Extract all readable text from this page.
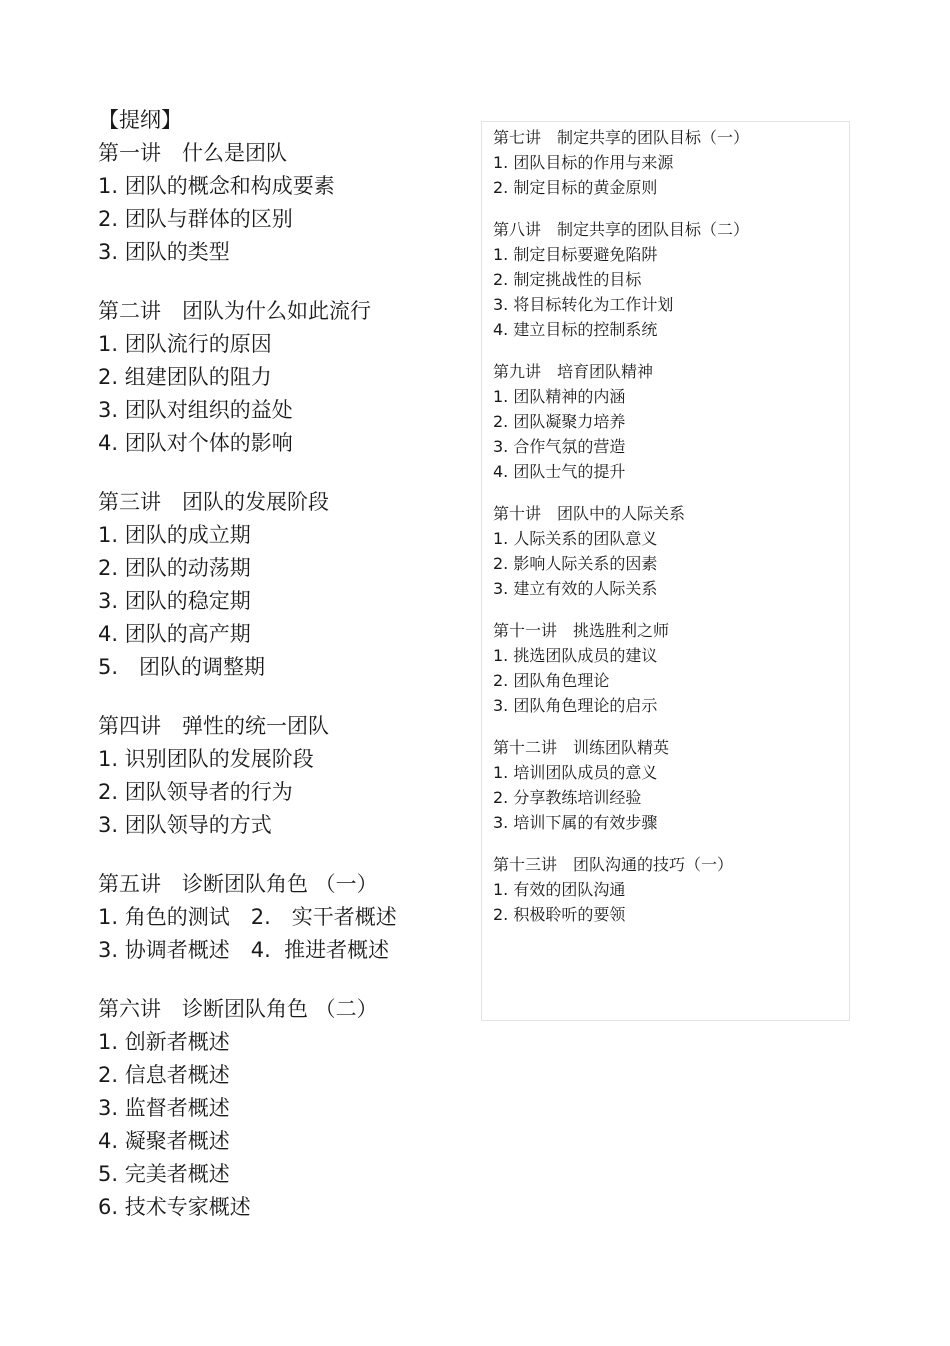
【提纲】
第一讲　什么是团队
1. 团队的概念和构成要素
2. 团队与群体的区别
3. 团队的类型
第二讲　团队为什么如此流行
1. 团队流行的原因
2. 组建团队的阻力
3. 团队对组织的益处
4. 团队对个体的影响
第三讲　团队的发展阶段
1. 团队的成立期
2. 团队的动荡期
3. 团队的稳定期
4. 团队的高产期
5.　团队的调整期
第四讲　弹性的统一团队
1. 识别团队的发展阶段
2. 团队领导者的行为
3. 团队领导的方式
第五讲　诊断团队角色 （一）
1. 角色的测试　2.　实干者概述
3. 协调者概述　4.  推进者概述
第六讲　诊断团队角色 （二）
1. 创新者概述
2. 信息者概述
3. 监督者概述
4. 凝聚者概述
5. 完美者概述
6. 技术专家概述
第七讲　制定共享的团队目标（一）
1. 团队目标的作用与来源
2. 制定目标的黄金原则
第八讲　制定共享的团队目标（二）
1. 制定目标要避免陷阱
2. 制定挑战性的目标
3. 将目标转化为工作计划
4. 建立目标的控制系统
第九讲　培育团队精神
1. 团队精神的内涵
2. 团队凝聚力培养
3. 合作气氛的营造
4. 团队士气的提升
第十讲　团队中的人际关系
1. 人际关系的团队意义
2. 影响人际关系的因素
3. 建立有效的人际关系
第十一讲　挑选胜利之师
1. 挑选团队成员的建议
2. 团队角色理论
3. 团队角色理论的启示
第十二讲　训练团队精英
1. 培训团队成员的意义
2. 分享教练培训经验
3. 培训下属的有效步骤
第十三讲　团队沟通的技巧（一）
1. 有效的团队沟通
2. 积极聆听的要领
